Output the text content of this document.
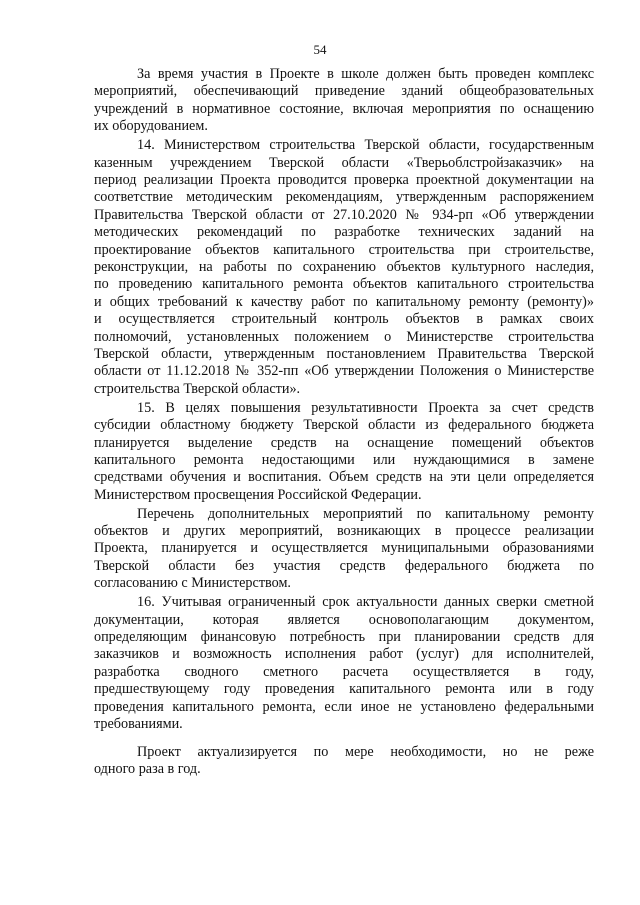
54

За время участия в Проекте в школе должен быть проведен комплекс
мероприятий, обеспечивающий приведение зданий общеобразовательных
учреждений в нормативное состояние, включая мероприятия по оснащению
их оборудованием.

14. Министерством строительства Тверской области, государственным
казенным учреждением Тверской области «Тверьоблстройзаказчик» на
период реализации Проекта проводится проверка проектной документации на
соответствие методическим рекомендациям, утвержденным распоряжением
Правительства Тверской области от 27.10.2020 № 934-рп «Об утверждении
методических рекомендаций по разработке технических заданий на
проектирование объектов капитального строительства при строительстве,
реконструкции, на работы по сохранению объектов культурного наследия,
по проведению капитального ремонта объектов капитального строительства
и общих требований к качеству работ по капитальному ремонту (ремонту)»
и осуществляется строительный контроль объектов в рамках своих
полномочий, установленных положением о Министерстве строительства
Тверской области, утвержденным постановлением Правительства Тверской
области от 11.12.2018 № 352-пп «Об утверждении Положения о Министерстве
строительства Тверской области».

15. В целях повышения результативности Проекта за счет средств
субсидии областному бюджету Тверской области из федерального бюджета
планируется выделение средств на оснащение помещений объектов
капитального ремонта недостающими или нуждающимися в замене
средствами обучения и воспитания. Объем средств на эти цели определяется
Министерством просвещения Российской Федерации.

Перечень дополнительных мероприятий по капитальному ремонту
объектов и других мероприятий, возникающих в процессе реализации
Проекта, планируется и осуществляется муниципальными образованиями
Тверской области без участия средств федерального бюджета по
согласованию с Министерством.

16. Учитывая ограниченный срок актуальности данных сверки сметной
документации, которая является основополагающим документом,
определяющим финансовую потребность при планировании средств для
заказчиков и возможность исполнения работ (услуг) для исполнителей,
разработка сводного сметного расчета осуществляется в году,
предшествующему году проведения капитального ремонта или в году
проведения капитального ремонта, если иное не установлено федеральными
требованиями.

Проект актуализируется по мере необходимости, но не реже
одного раза в год.
